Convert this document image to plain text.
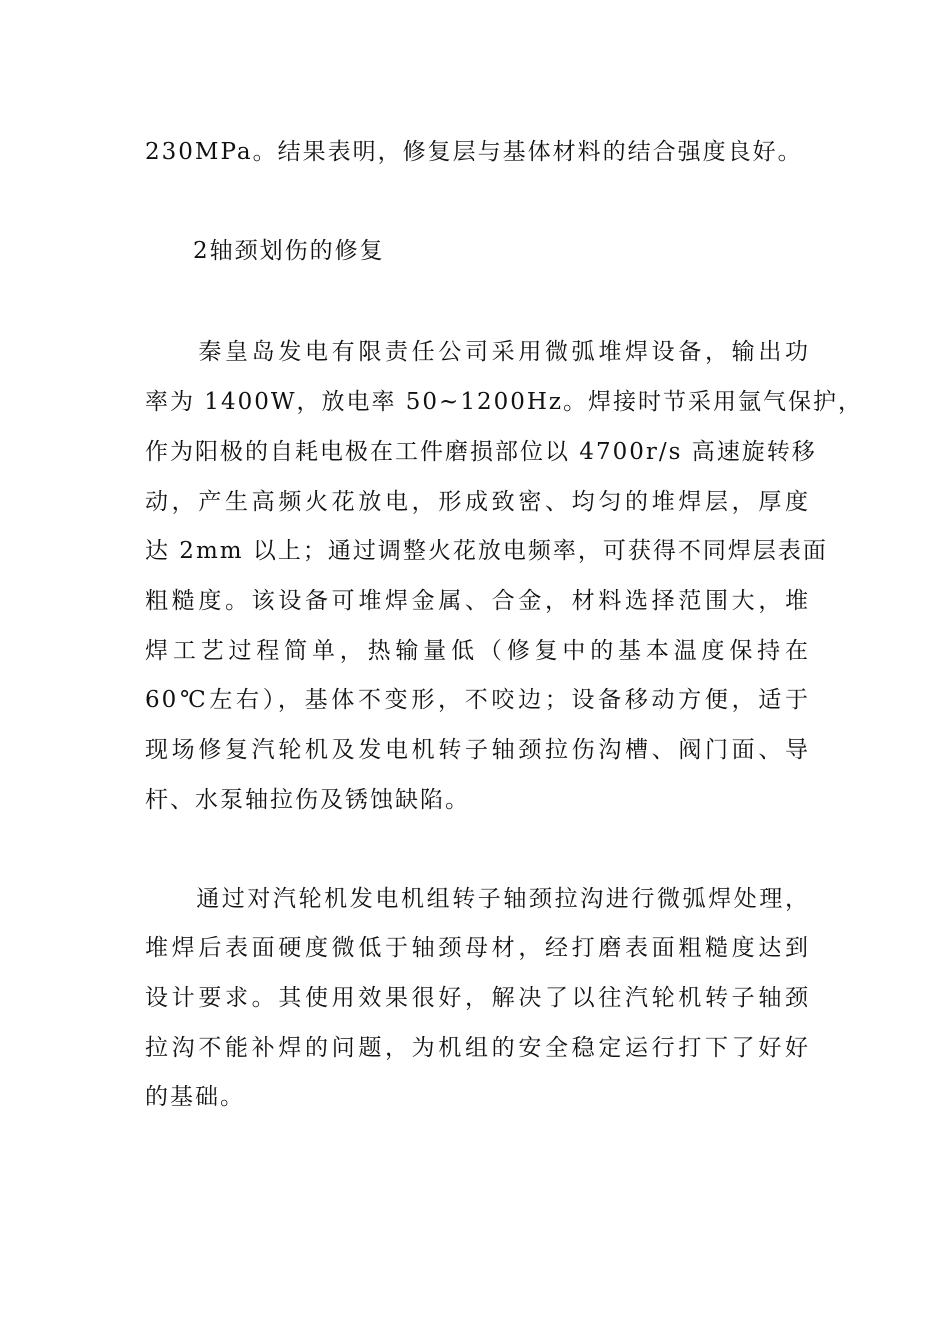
230MPa。结果表明，修复层与基体材料的结合强度良好。
2轴颈划伤的修复
　　秦皇岛发电有限责任公司采用微弧堆焊设备，输出功
率为 1400W，放电率 50~1200Hz。焊接时节采用氩气保护，
作为阳极的自耗电极在工件磨损部位以 4700r/s 高速旋转移
动，产生高频火花放电，形成致密、均匀的堆焊层，厚度
达 2mm 以上；通过调整火花放电频率，可获得不同焊层表面
粗糙度。该设备可堆焊金属、合金，材料选择范围大，堆
焊工艺过程简单，热输量低（修复中的基本温度保持在
60℃左右），基体不变形，不咬边；设备移动方便，适于
现场修复汽轮机及发电机转子轴颈拉伤沟槽、阀门面、导
杆、水泵轴拉伤及锈蚀缺陷。
　　通过对汽轮机发电机组转子轴颈拉沟进行微弧焊处理，
堆焊后表面硬度微低于轴颈母材，经打磨表面粗糙度达到
设计要求。其使用效果很好，解决了以往汽轮机转子轴颈
拉沟不能补焊的问题，为机组的安全稳定运行打下了好好
的基础。
